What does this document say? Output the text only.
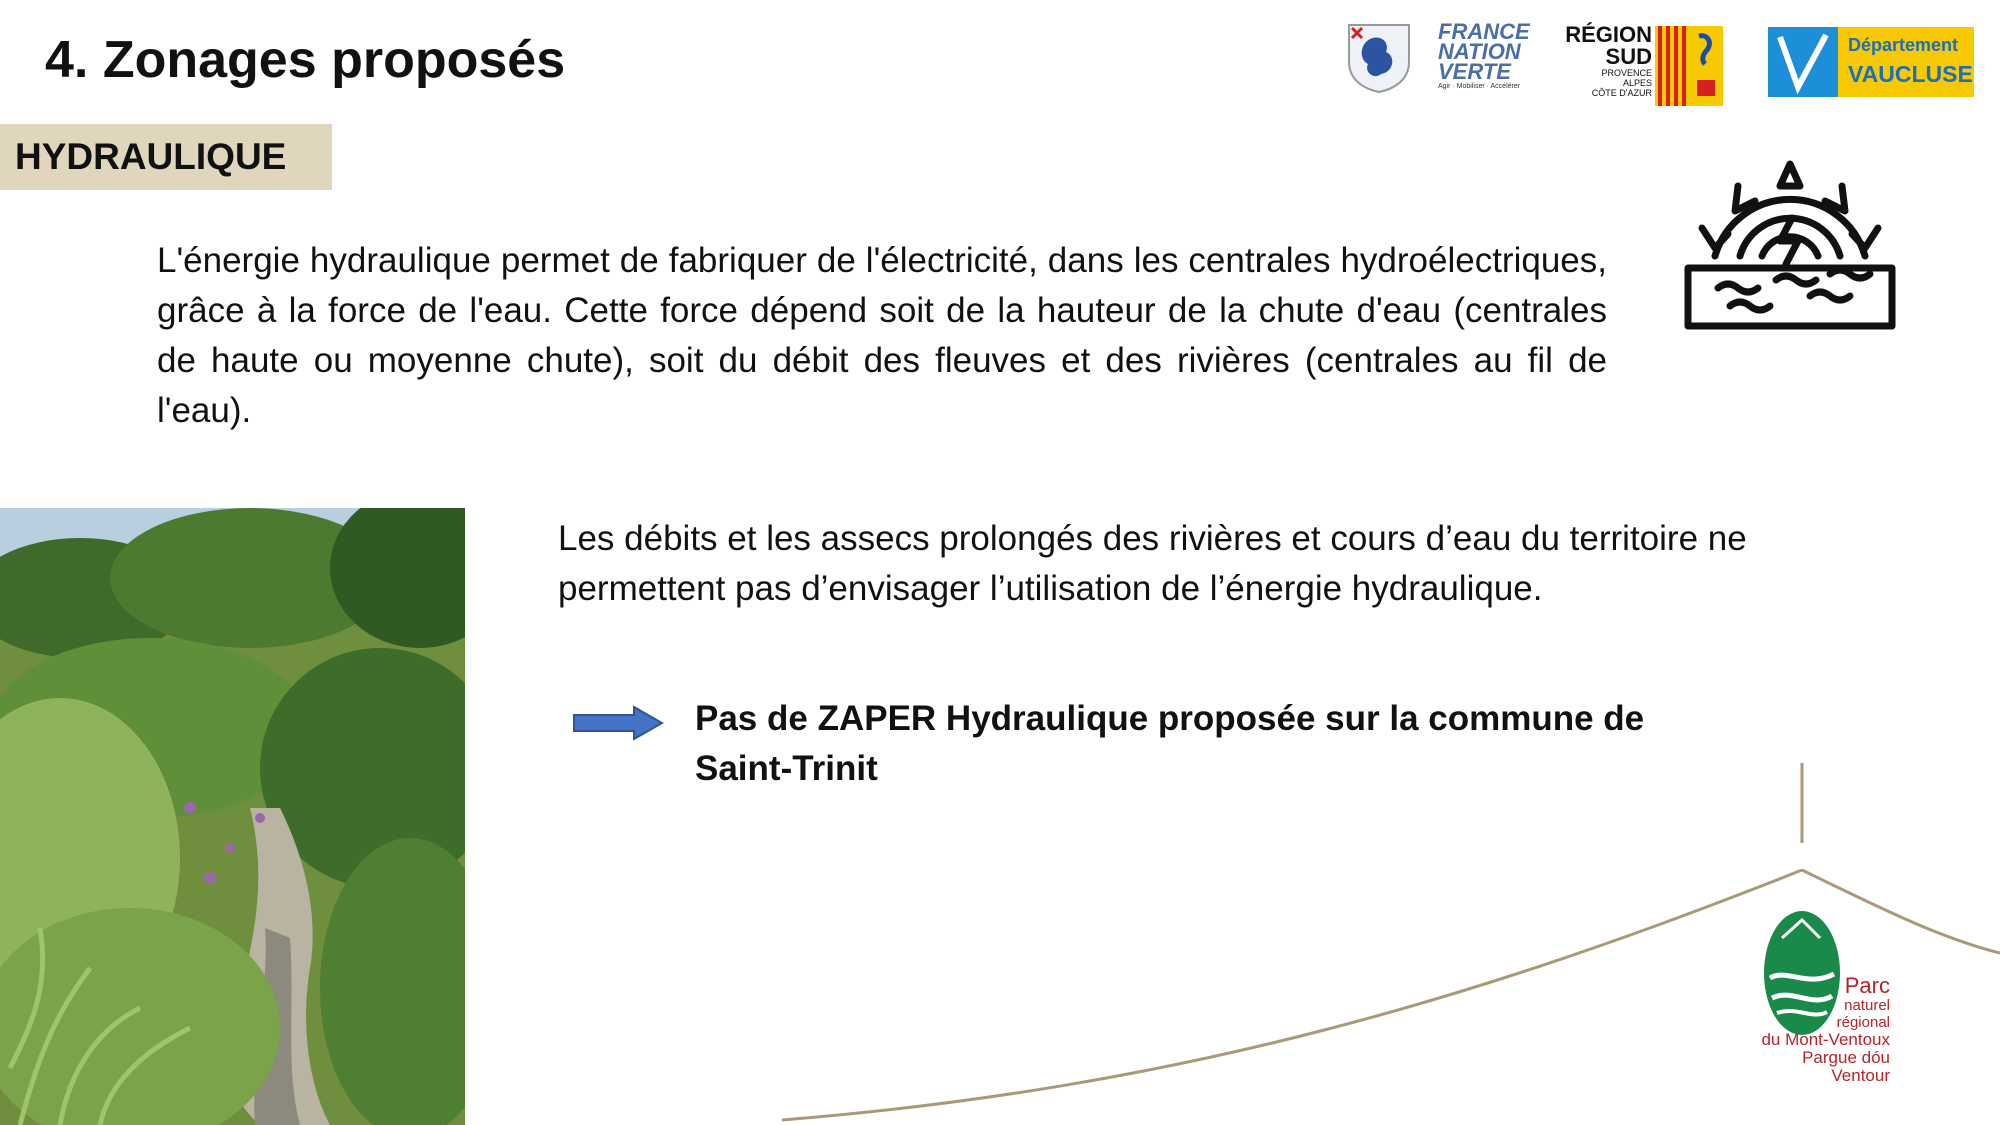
4. Zonages proposés
HYDRAULIQUE
L'énergie hydraulique permet de fabriquer de l'électricité, dans les centrales hydroélectriques, grâce à la force de l'eau. Cette force dépend soit de la hauteur de la chute d'eau (centrales de haute ou moyenne chute), soit du débit des fleuves et des rivières (centrales au fil de l'eau).
Les débits et les assecs prolongés des rivières et cours d’eau du territoire ne permettent pas d’envisager l’utilisation de l’énergie hydraulique.
Pas de ZAPER Hydraulique proposée sur la commune de Saint-Trinit
Parc
naturel
régional
du Mont-Ventoux
Pargue dóu Ventour
FRANCE
NATION
VERTE
Agir · Mobiliser · Accélérer
RÉGION
SUD
PROVENCE
ALPES
CÔTE D'AZUR
Département
VAUCLUSE
